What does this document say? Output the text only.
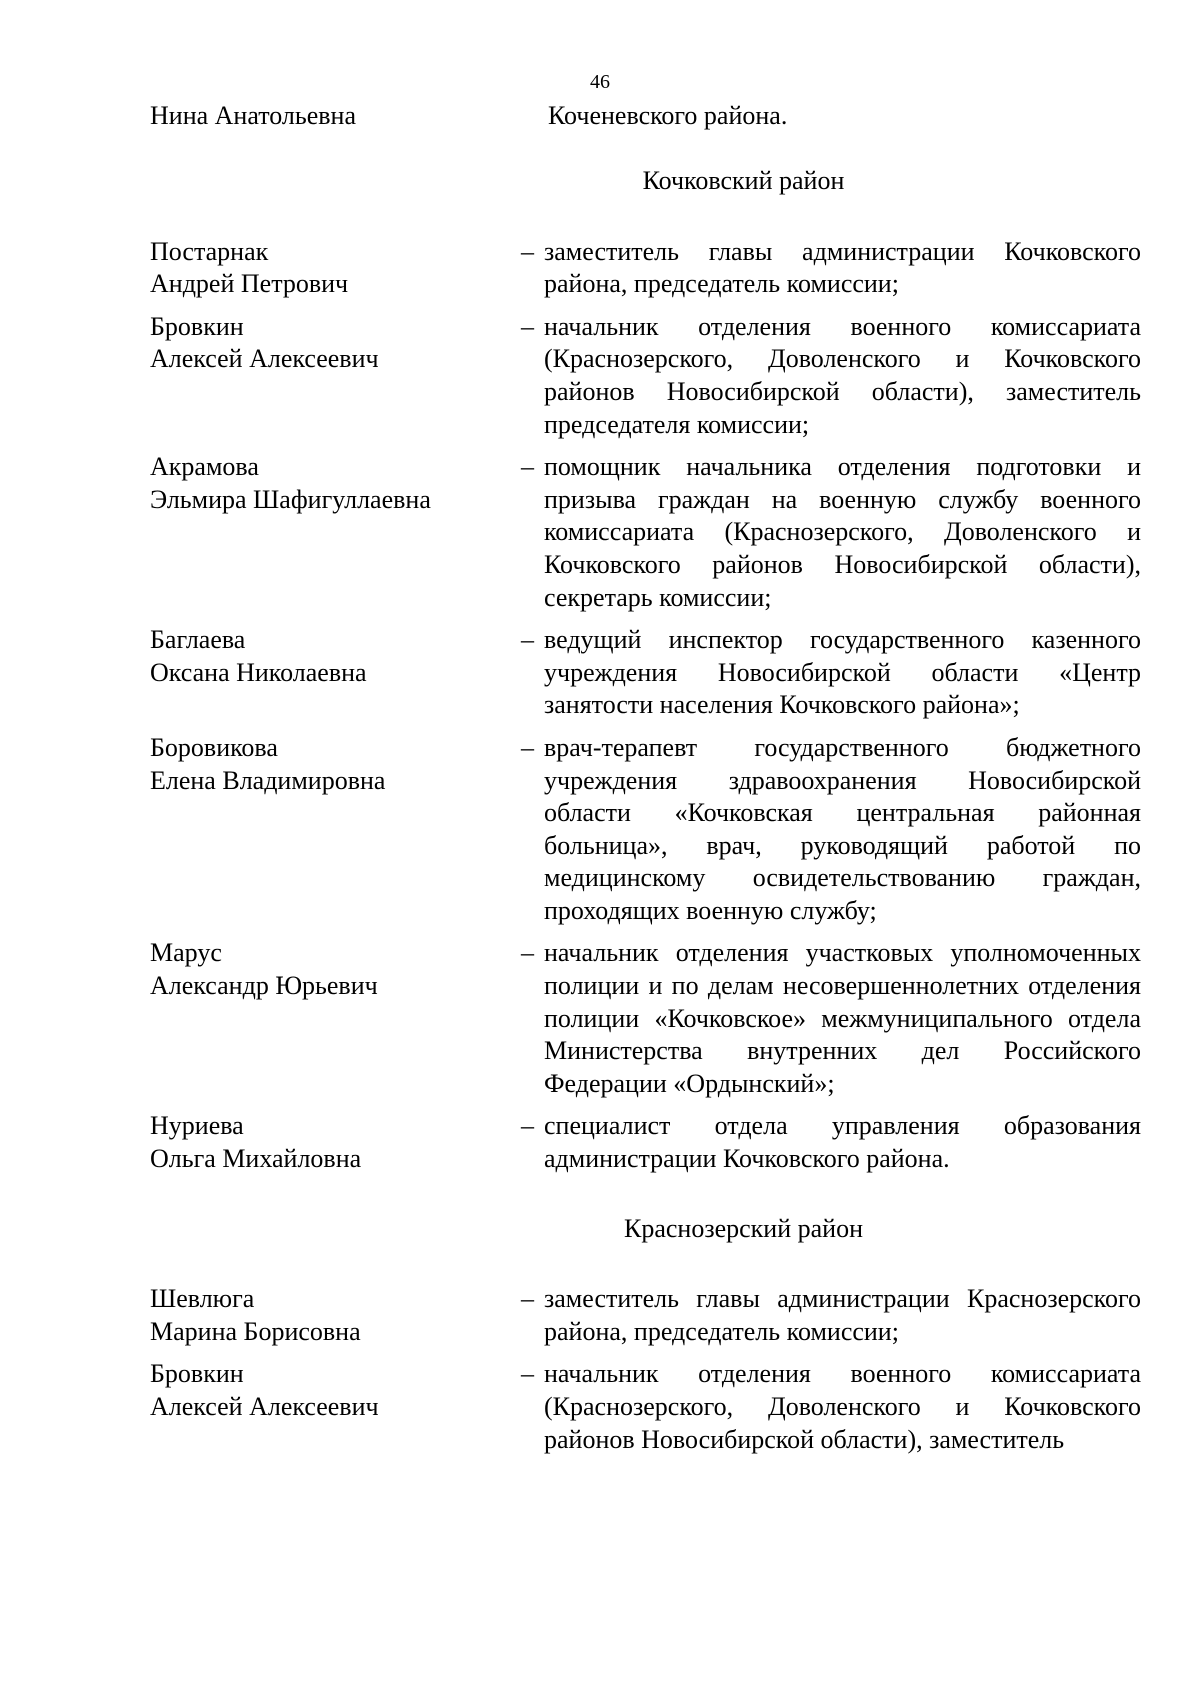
46
Нина Анатольевна	Коченевского района.
Кочковский район
Постарнак
Андрей Петрович
– заместитель главы администрации Кочковского района, председатель комиссии;
Бровкин
Алексей Алексеевич
– начальник отделения военного комиссариата (Краснозерского, Доволенского и Кочковского районов Новосибирской области), заместитель председателя комиссии;
Акрамова
Эльмира Шафигуллаевна
– помощник начальника отделения подготовки и призыва граждан на военную службу военного комиссариата (Краснозерского, Доволенского и Кочковского районов Новосибирской области), секретарь комиссии;
Баглаева
Оксана Николаевна
– ведущий инспектор государственного казенного учреждения Новосибирской области «Центр занятости населения Кочковского района»;
Боровикова
Елена Владимировна
– врач-терапевт государственного бюджетного учреждения здравоохранения Новосибирской области «Кочковская центральная районная больница», врач, руководящий работой по медицинскому освидетельствованию граждан, проходящих военную службу;
Марус
Александр Юрьевич
– начальник отделения участковых уполномоченных полиции и по делам несовершеннолетних отделения полиции «Кочковское» межмуниципального отдела Министерства внутренних дел Российского Федерации «Ордынский»;
Нуриева
Ольга Михайловна
– специалист отдела управления образования администрации Кочковского района.
Краснозерский район
Шевлюга
Марина Борисовна
– заместитель главы администрации Краснозерского района, председатель комиссии;
Бровкин
Алексей Алексеевич
– начальник отделения военного комиссариата (Краснозерского, Доволенского и Кочковского районов Новосибирской области), заместитель
